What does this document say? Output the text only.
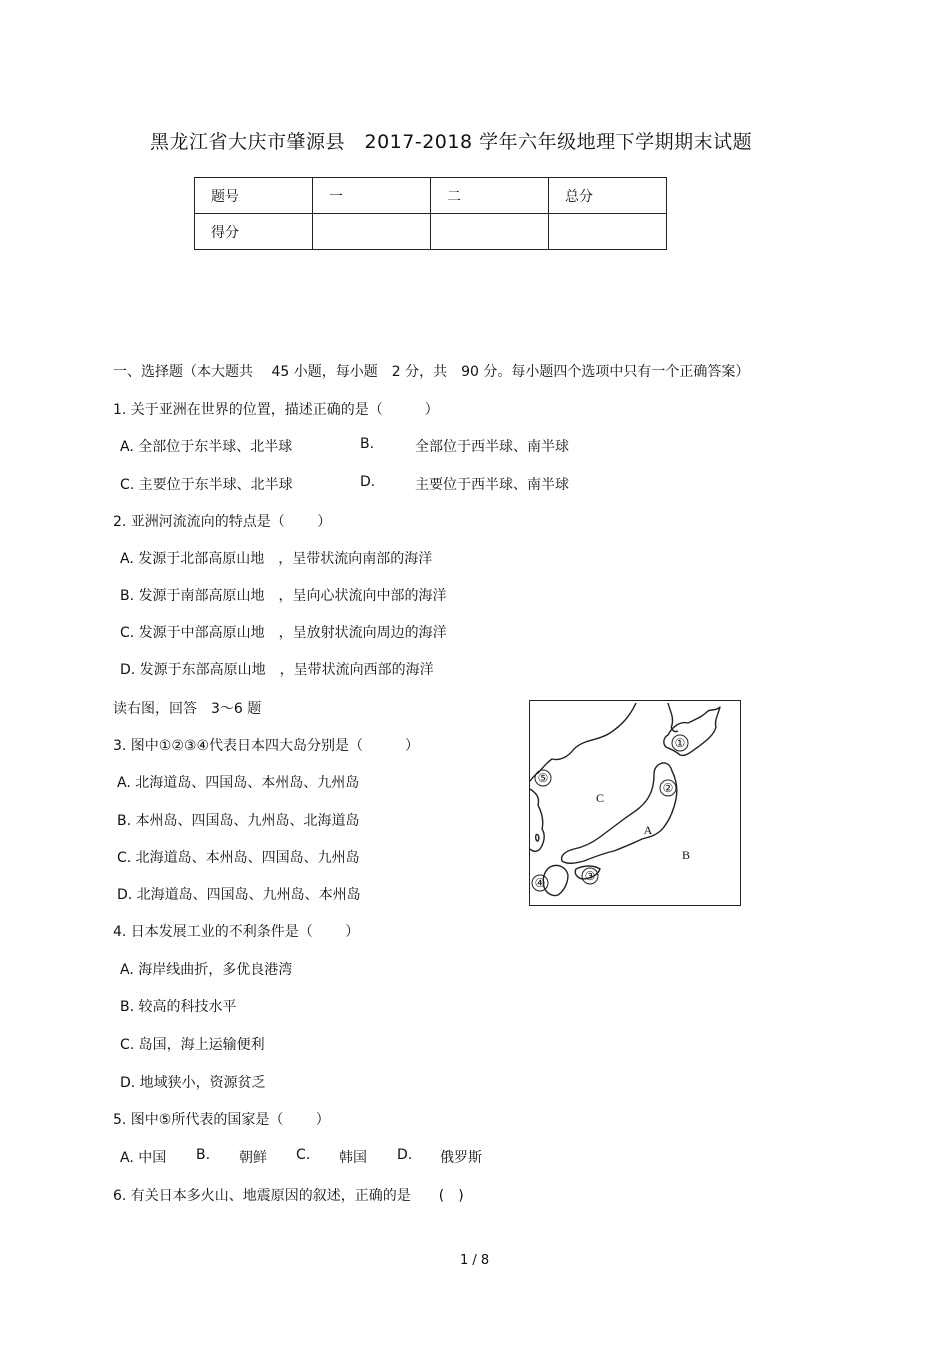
黑龙江省大庆市肇源县　2017-2018 学年六年级地理下学期期末试题
题号	一	二	总分
得分			
一、选择题（本大题共　 45 小题，每小题　2 分，共　90 分。每小题四个选项中只有一个正确答案）
1. 关于亚洲在世界的位置，描述正确的是（　　　）
A. 全部位于东半球、北半球	B.	全部位于西半球、南半球
C. 主要位于东半球、北半球	D.	主要位于西半球、南半球
2. 亚洲河流流向的特点是（　　 ）
A. 发源于北部高原山地　，呈带状流向南部的海洋
B. 发源于南部高原山地　，呈向心状流向中部的海洋
C. 发源于中部高原山地　，呈放射状流向周边的海洋
D. 发源于东部高原山地　，呈带状流向西部的海洋
读右图，回答　3～6 题
3. 图中①②③④代表日本四大岛分别是（　　　）
A. 北海道岛、四国岛、本州岛、九州岛
B. 本州岛、四国岛、九州岛、北海道岛
C. 北海道岛、本州岛、四国岛、九州岛
D. 北海道岛、四国岛、九州岛、本州岛
4. 日本发展工业的不利条件是（　　 ）
A. 海岸线曲折，多优良港湾
B. 较高的科技水平
C. 岛国，海上运输便利
D. 地域狭小，资源贫乏
5. 图中⑤所代表的国家是（　　 ）
A. 中国 B. 朝鲜 C. 韩国 D. 俄罗斯
6. 有关日本多火山、地震原因的叙述，正确的是　　(　)
①
②
③
④
⑤
A
B
C
1 / 8
